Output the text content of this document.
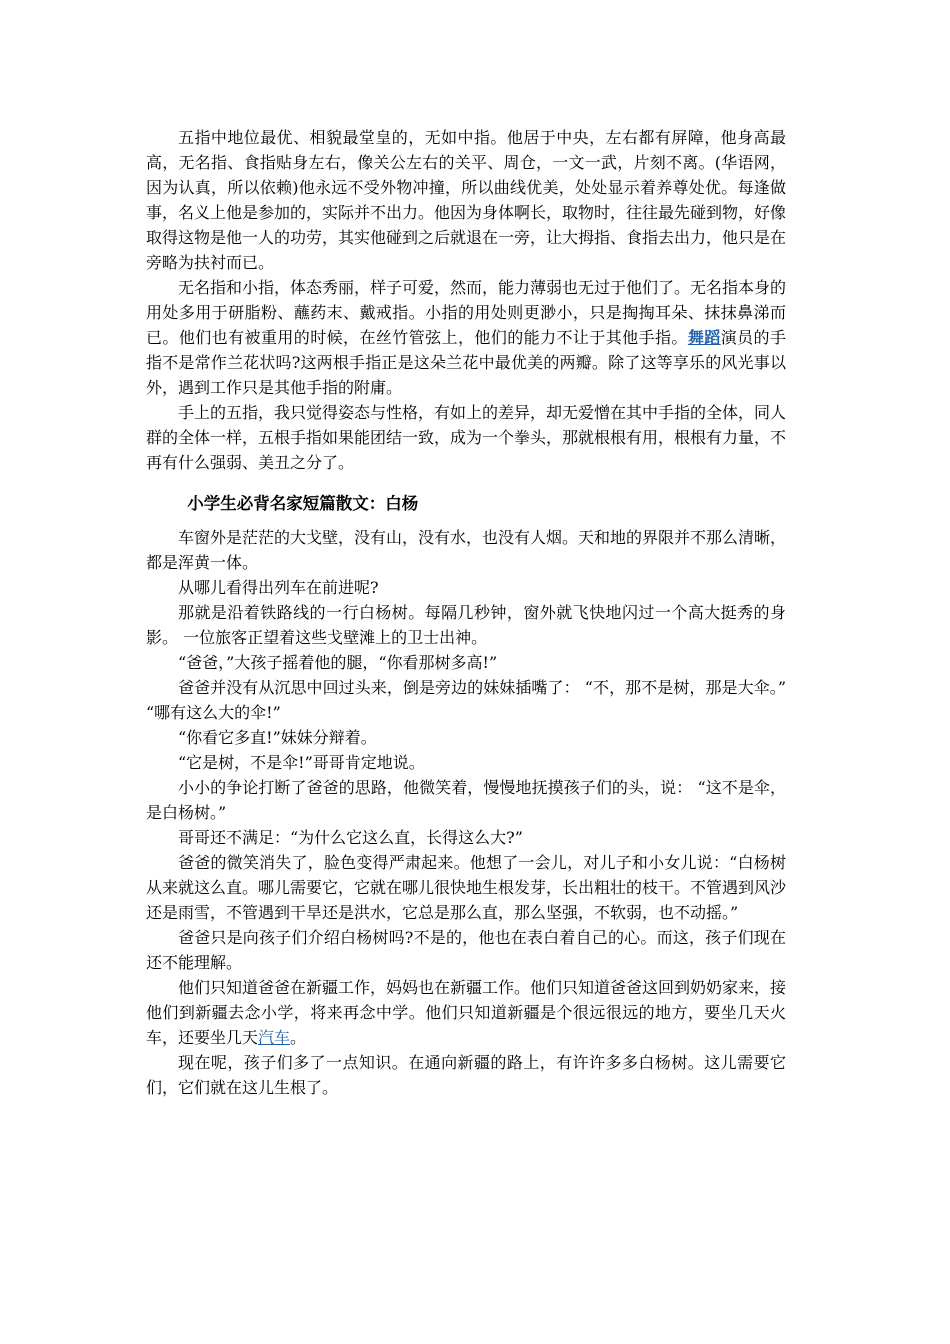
五指中地位最优、相貌最堂皇的，无如中指。他居于中央，左右都有屏障，他身高最高，无名指、食指贴身左右，像关公左右的关平、周仓，一文一武，片刻不离。(华语网，因为认真，所以依赖)他永远不受外物冲撞，所以曲线优美，处处显示着养尊处优。每逢做事，名义上他是参加的，实际并不出力。他因为身体啊长，取物时，往往最先碰到物，好像取得这物是他一人的功劳，其实他碰到之后就退在一旁，让大拇指、食指去出力，他只是在旁略为扶衬而已。

无名指和小指，体态秀丽，样子可爱，然而，能力薄弱也无过于他们了。无名指本身的用处多用于研脂粉、蘸药末、戴戒指。小指的用处则更渺小，只是掏掏耳朵、抹抹鼻涕而已。他们也有被重用的时候，在丝竹管弦上，他们的能力不让于其他手指。舞蹈演员的手指不是常作兰花状吗?这两根手指正是这朵兰花中最优美的两瓣。除了这等享乐的风光事以外，遇到工作只是其他手指的附庸。

手上的五指，我只觉得姿态与性格，有如上的差异，却无爱憎在其中手指的全体，同人群的全体一样，五根手指如果能团结一致，成为一个拳头，那就根根有用，根根有力量，不再有什么强弱、美丑之分了。

小学生必背名家短篇散文：白杨

车窗外是茫茫的大戈壁，没有山，没有水，也没有人烟。天和地的界限并不那么清晰，都是浑黄一体。

从哪儿看得出列车在前进呢?

那就是沿着铁路线的一行白杨树。每隔几秒钟，窗外就飞快地闪过一个高大挺秀的身影。 一位旅客正望着这些戈壁滩上的卫士出神。

“爸爸，”大孩子摇着他的腿，“你看那树多高!”

爸爸并没有从沉思中回过头来，倒是旁边的妹妹插嘴了： “不，那不是树，那是大伞。” “哪有这么大的伞!”

“你看它多直!”妹妹分辩着。

“它是树，不是伞!”哥哥肯定地说。

小小的争论打断了爸爸的思路，他微笑着，慢慢地抚摸孩子们的头，说： “这不是伞，是白杨树。”

哥哥还不满足：“为什么它这么直，长得这么大?”

爸爸的微笑消失了，脸色变得严肃起来。他想了一会儿，对儿子和小女儿说：“白杨树从来就这么直。哪儿需要它，它就在哪儿很快地生根发芽，长出粗壮的枝干。不管遇到风沙还是雨雪，不管遇到干旱还是洪水，它总是那么直，那么坚强，不软弱，也不动摇。”

爸爸只是向孩子们介绍白杨树吗?不是的，他也在表白着自己的心。而这，孩子们现在还不能理解。

他们只知道爸爸在新疆工作，妈妈也在新疆工作。他们只知道爸爸这回到奶奶家来，接他们到新疆去念小学，将来再念中学。他们只知道新疆是个很远很远的地方，要坐几天火车，还要坐几天汽车。

现在呢，孩子们多了一点知识。在通向新疆的路上，有许许多多白杨树。这儿需要它们，它们就在这儿生根了。
